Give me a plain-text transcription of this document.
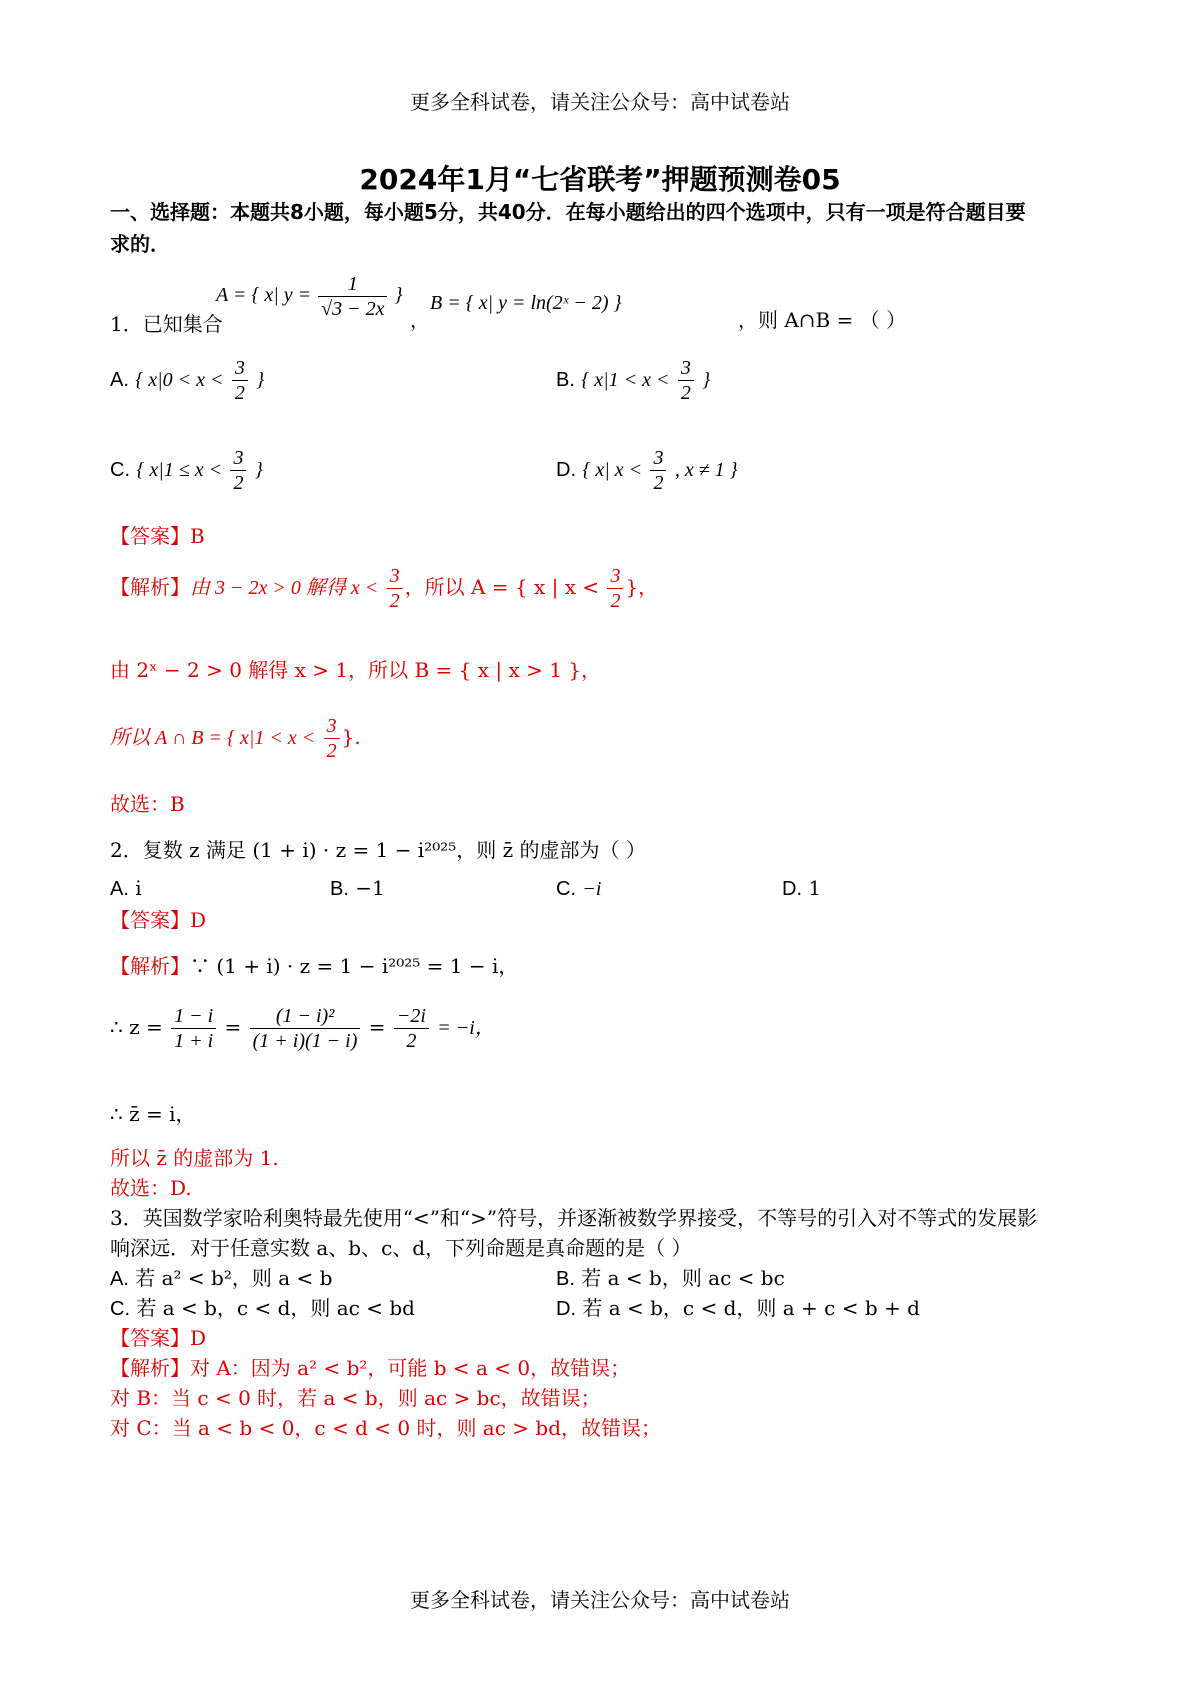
更多全科试卷，请关注公众号：高中试卷站
2024年1月“七省联考”押题预测卷05
一、选择题：本题共8小题，每小题5分，共40分．在每小题给出的四个选项中，只有一项是符合题目要
求的．
1．已知集合
A = { x| $y = \frac{1}{√3 - 2x}$ }
，
B = { x| y = ln(2ˣ − 2) }
，则 A∩B = （ ）
A. { $x|0 < x < \frac{3}{2}$ }	B. { $x|1 < x < \frac{3}{2}$ }
C. { $x|1 \le x < \frac{3}{2}$ }	D. { x| $x < \frac{3}{2}$ , x ≠ 1 }
【答案】B
【解析】由 3 − 2x > 0 解得 $x < \frac{3}{2}$ ，所以 A = { x | $x < \frac{3}{2}$ }，
由 2ˣ − 2 > 0 解得 x > 1，所以 B = { x | x > 1 }，
所以 A ∩ B = { $x|1 < x < \frac{3}{2}$ }.
故选：B
2．复数 z 满足 (1 + i) · z = 1 − i²⁰²⁵，则 z̄ 的虚部为（ ）
A. i	B. −1	C. −i	D. 1
【答案】D
【解析】∵ (1 + i) · z = 1 − i²⁰²⁵ = 1 − i，
∴ $z = \frac{1 - i}{1 + i} = \frac{\text{(1 − i)²}}{(1 + i)(1 - i)} = \frac{-2i}{2} = -i$，
∴ z̄ = i，
所以 z̄ 的虚部为 1.
故选：D.
3．英国数学家哈利奥特最先使用“<”和“>”符号，并逐渐被数学界接受，不等号的引入对不等式的发展影
响深远．对于任意实数 a、b、c、d，下列命题是真命题的是（ ）
A. 若 a² < b²，则 a < b	B. 若 a < b，则 ac < bc
C. 若 a < b，c < d，则 ac < bd	D. 若 a < b，c < d，则 a + c < b + d
【答案】D
【解析】对 A：因为 a² < b²，可能 b < a < 0，故错误；
对 B：当 c < 0 时，若 a < b，则 ac > bc，故错误；
对 C：当 a < b < 0，c < d < 0 时，则 ac > bd，故错误；
更多全科试卷，请关注公众号：高中试卷站
